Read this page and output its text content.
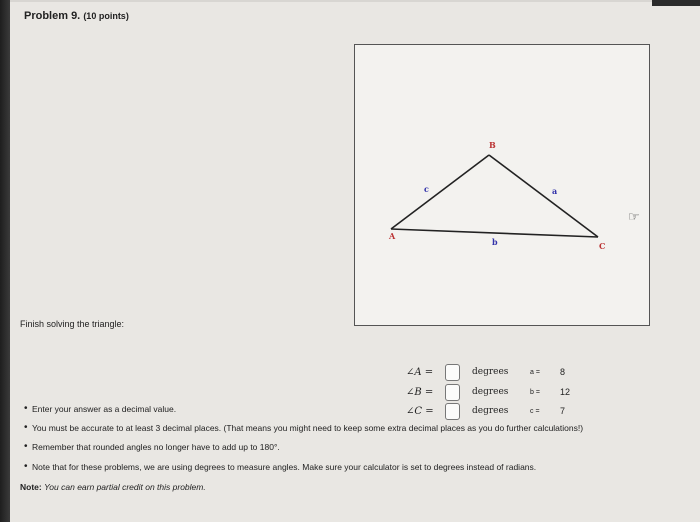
Problem 9. (10 points)
B
c	a
A
b	C
☞
Finish solving the triangle:
∠A =	degrees	a =	8
∠B =	degrees	b =	12
∠C =	degrees	c =	7
• Enter your answer as a decimal value.
• You must be accurate to at least 3 decimal places. (That means you might need to keep some extra decimal places as you do further calculations!)
• Remember that rounded angles no longer have to add up to 180°.
• Note that for these problems, we are using degrees to measure angles. Make sure your calculator is set to degrees instead of radians.
Note: You can earn partial credit on this problem.
